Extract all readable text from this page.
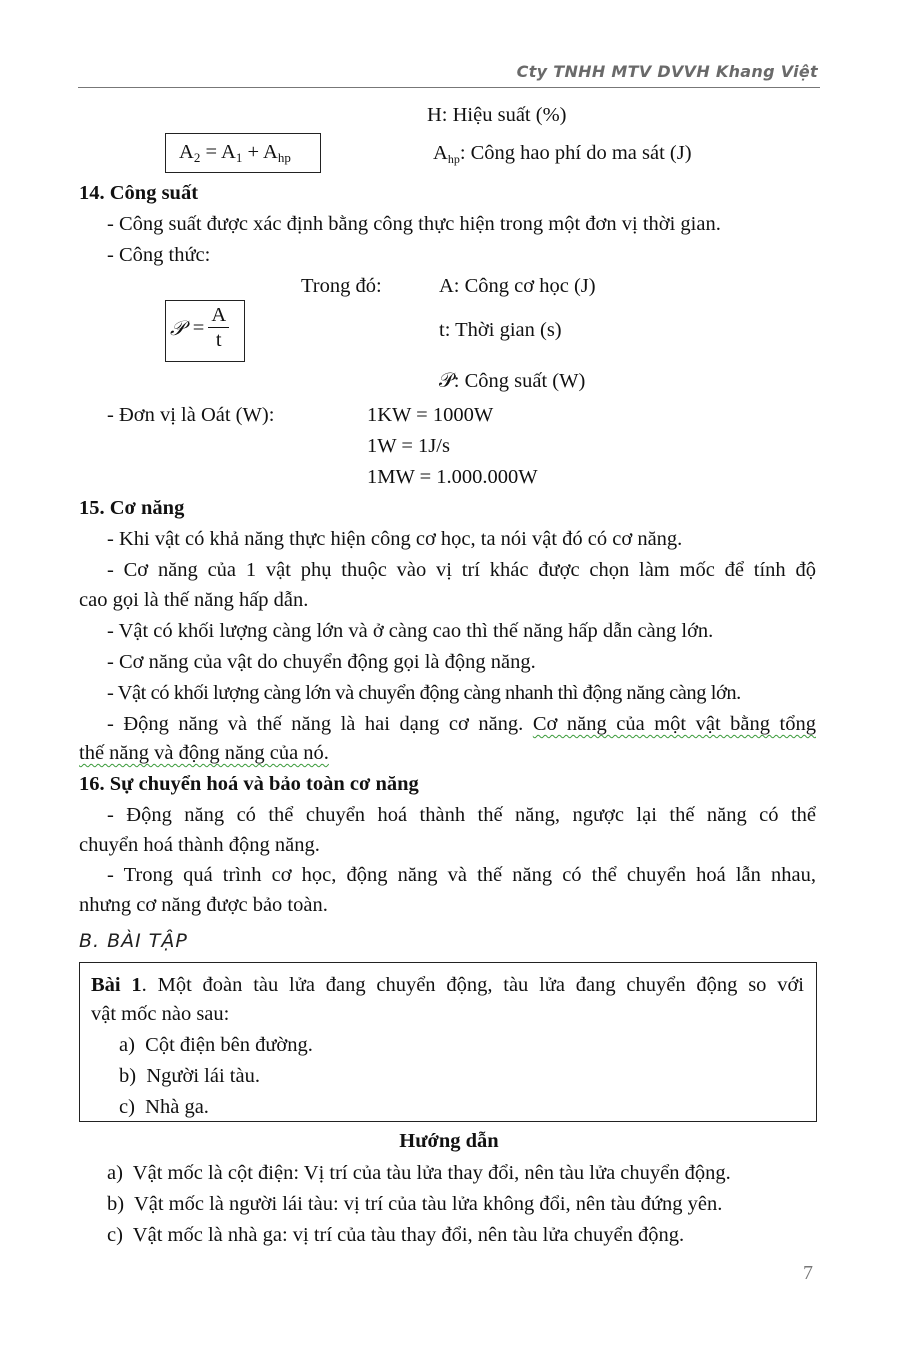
Cty TNHH MTV DVVH Khang Việt
H: Hiệu suất (%)
$A_2 = A_1 + A_{hp}$	$A_{hp}$: Công hao phí do ma sát (J)
14. Công suất
- Công suất được xác định bằng công thực hiện trong một đơn vị thời gian.
- Công thức:
Trong đó:	A: Công cơ học (J)
𝒫 = $\frac{A}{t}$	t: Thời gian (s)
𝒫: Công suất (W)
- Đơn vị là Oát (W):	1KW = 1000W
1W = 1J/s
1MW = 1.000.000W
15. Cơ năng
- Khi vật có khả năng thực hiện công cơ học, ta nói vật đó có cơ năng.
- Cơ năng của 1 vật phụ thuộc vào vị trí khác được chọn làm mốc để tính độ
cao gọi là thế năng hấp dẫn.
- Vật có khối lượng càng lớn và ở càng cao thì thế năng hấp dẫn càng lớn.
- Cơ năng của vật do chuyển động gọi là động năng.
- Vật có khối lượng càng lớn và chuyển động càng nhanh thì động năng càng lớn.
- Động năng và thế năng là hai dạng cơ năng. Cơ năng của một vật bằng tổng
thế năng và động năng của nó.
16. Sự chuyển hoá và bảo toàn cơ năng
- Động năng có thể chuyển hoá thành thế năng, ngược lại thế năng có thể
chuyển hoá thành động năng.
- Trong quá trình cơ học, động năng và thế năng có thể chuyển hoá lẫn nhau,
nhưng cơ năng được bảo toàn.
B. BÀI TẬP
Bài 1. Một đoàn tàu lửa đang chuyển động, tàu lửa đang chuyển động so với
vật mốc nào sau:
a)  Cột điện bên đường.
b)  Người lái tàu.
c)  Nhà ga.
Hướng dẫn
a)  Vật mốc là cột điện: Vị trí của tàu lửa thay đổi, nên tàu lửa chuyển động.
b)  Vật mốc là người lái tàu: vị trí của tàu lửa không đổi, nên tàu đứng yên.
c)  Vật mốc là nhà ga: vị trí của tàu thay đổi, nên tàu lửa chuyển động.
7
